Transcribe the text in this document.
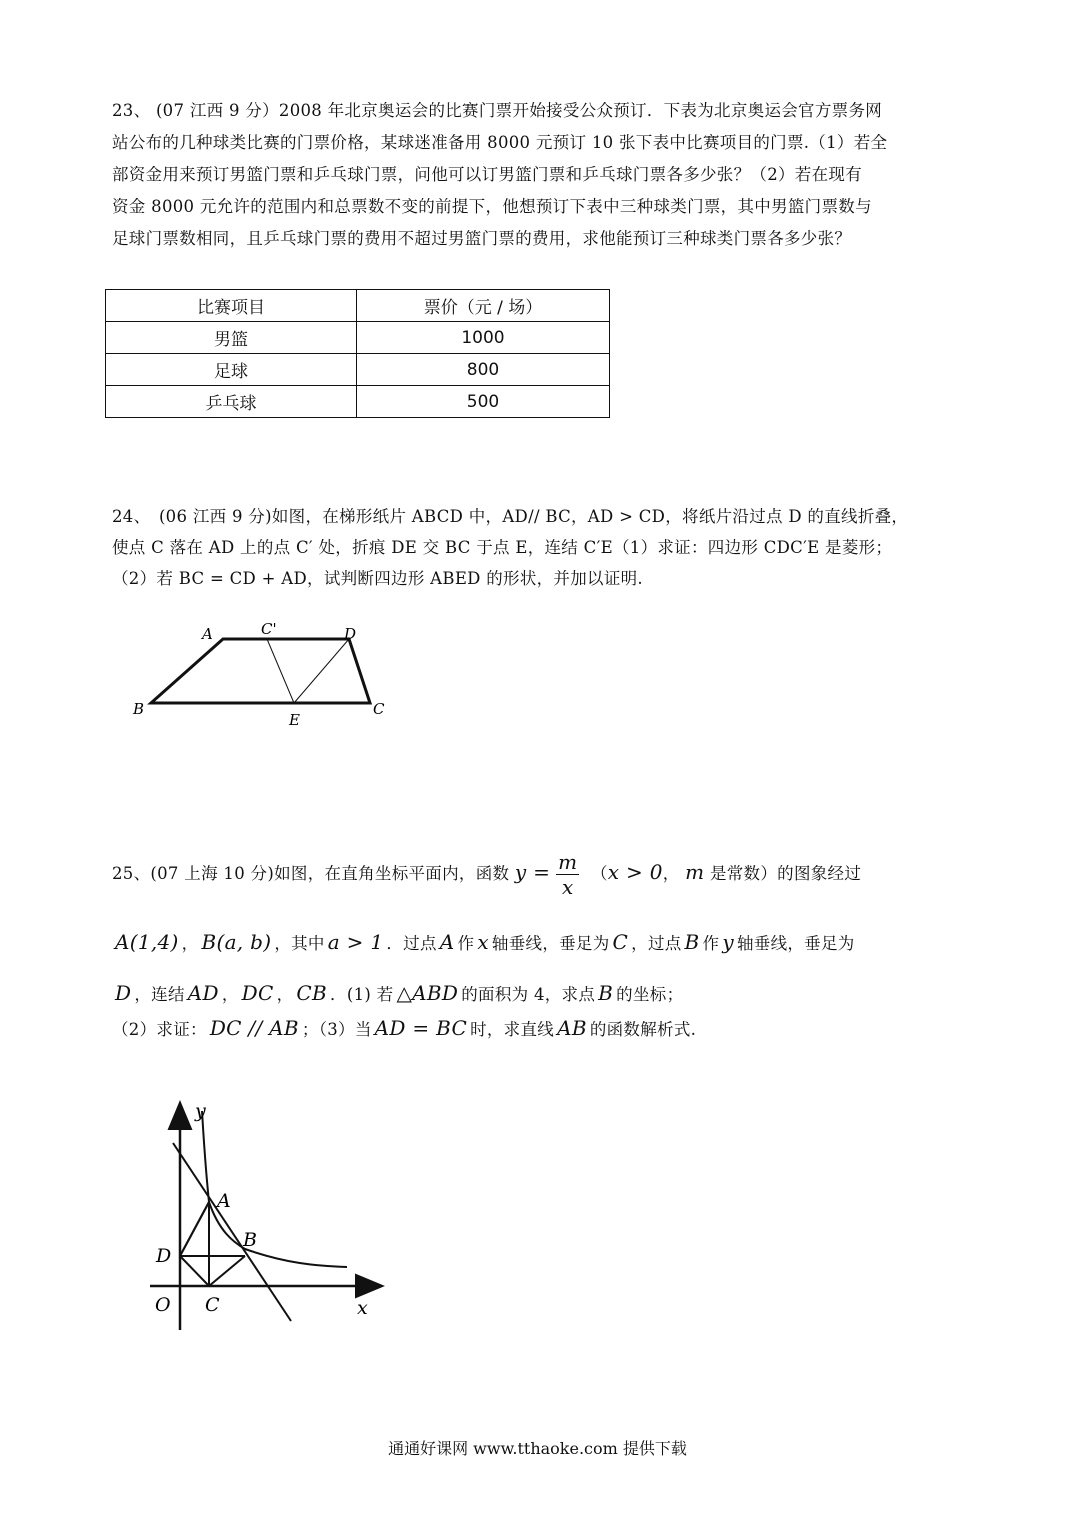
23、 (07 江西 9 分）2008 年北京奥运会的比赛门票开始接受公众预订．下表为北京奥运会官方票务网

站公布的几种球类比赛的门票价格，某球迷准备用 8000 元预订 10 张下表中比赛项目的门票.（1）若全

部资金用来预订男篮门票和乒乓球门票，问他可以订男篮门票和乒乓球门票各多少张？（2）若在现有

资金 8000 元允许的范围内和总票数不变的前提下，他想预订下表中三种球类门票，其中男篮门票数与

足球门票数相同，且乒乓球门票的费用不超过男篮门票的费用，求他能预订三种球类门票各多少张？

比赛项目	票价（元 / 场）
男篮	1000
足球	800
乒乓球	500

24、　(06 江西 9 分)如图，在梯形纸片 ABCD 中，AD// BC，AD > CD，将纸片沿过点 D 的直线折叠，

使点 C 落在 AD 上的点 C′ 处，折痕 DE 交 BC 于点 E，连结 C′E（1）求证：四边形 CDC′E 是菱形；

（2）若 BC = CD + AD，试判断四边形 ABED 的形状，并加以证明.

A	C'	D
B
E
C

25、(07 上海 10 分)如图，在直角坐标平面内，函数 $y = \frac{m}{x} (x > 0$， m 是常数）的图象经过

A(1,4) ， B(a, b) ，其中 a > 1 ．过点 A 作 x 轴垂线，垂足为 C ，过点 B 作 y 轴垂线，垂足为

D ，连结 AD ， DC ， CB ．(1) 若 △ABD 的面积为 4，求点 B 的坐标；

（2）求证： DC // AB ；（3）当 AD = BC 时，求直线 AB 的函数解析式.

y
x
O
A
B
C
D
通通好课网 www.tthaoke.com 提供下载
